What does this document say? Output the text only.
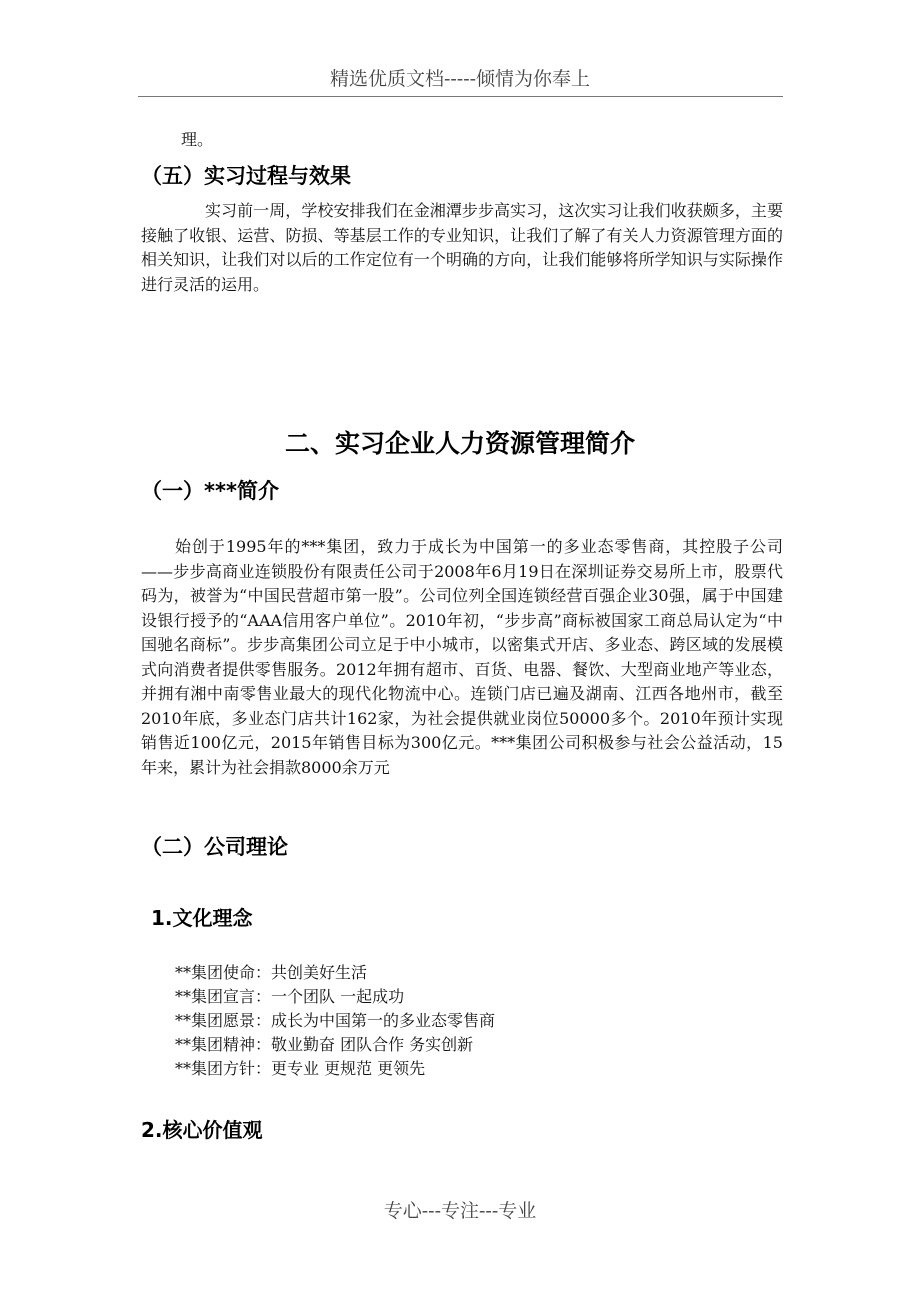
精选优质文档-----倾情为你奉上
理。
（五）实习过程与效果
实习前一周，学校安排我们在金湘潭步步高实习，这次实习让我们收获颇多，主要接触了收银、运营、防损、等基层工作的专业知识，让我们了解了有关人力资源管理方面的相关知识，让我们对以后的工作定位有一个明确的方向，让我们能够将所学知识与实际操作进行灵活的运用。
二、实习企业人力资源管理简介
（一）***简介
始创于1995年的***集团，致力于成长为中国第一的多业态零售商，其控股子公司——步步高商业连锁股份有限责任公司于2008年6月19日在深圳证券交易所上市，股票代码为，被誉为“中国民营超市第一股”。公司位列全国连锁经营百强企业30强，属于中国建设银行授予的“AAA信用客户单位”。2010年初，“步步高”商标被国家工商总局认定为“中国驰名商标”。步步高集团公司立足于中小城市，以密集式开店、多业态、跨区域的发展模式向消费者提供零售服务。2012年拥有超市、百货、电器、餐饮、大型商业地产等业态，并拥有湘中南零售业最大的现代化物流中心。连锁门店已遍及湖南、江西各地州市，截至2010年底，多业态门店共计162家，为社会提供就业岗位50000多个。2010年预计实现销售近100亿元，2015年销售目标为300亿元。***集团公司积极参与社会公益活动，15年来，累计为社会捐款8000余万元
（二）公司理论
1.文化理念
**集团使命：共创美好生活
**集团宣言：一个团队 一起成功
**集团愿景：成长为中国第一的多业态零售商
**集团精神：敬业勤奋 团队合作 务实创新
**集团方针：更专业 更规范 更领先
2.核心价值观
专心---专注---专业
